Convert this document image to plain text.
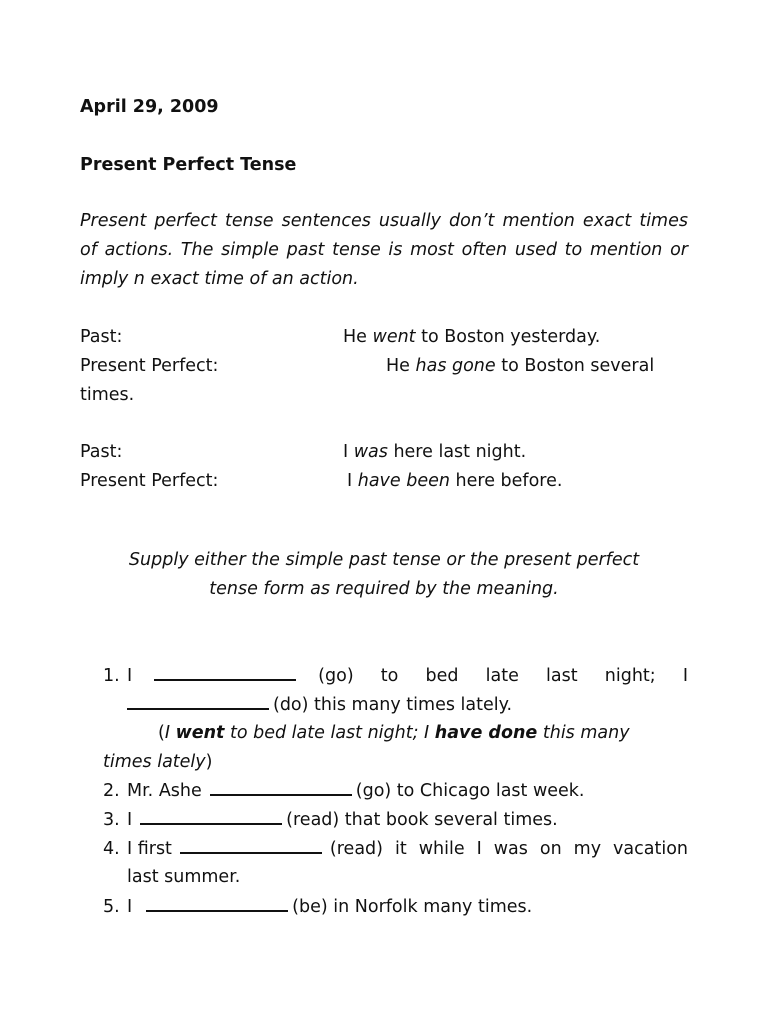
April 29, 2009
Present Perfect Tense
Present perfect tense sentences usually don’t mention exact times of actions. The simple past tense is most often used to mention or imply n exact time of an action.
Past:	He went to Boston yesterday.
Present Perfect:	He has gone to Boston several
times.
Past:	I was here last night.
Present Perfect:	I have been here before.
Supply either the simple past tense or the present perfect
tense form as required by the meaning.
1. I	(go) to bed late last night; I
(do) this many times lately.
(I went to bed late last night; I have done this many
times lately)
2. Mr. Ashe	(go) to Chicago last week.
3. I	(read) that book several times.
4. I first	(read) it while I was on my vacation
last summer.
5. I	(be) in Norfolk many times.
